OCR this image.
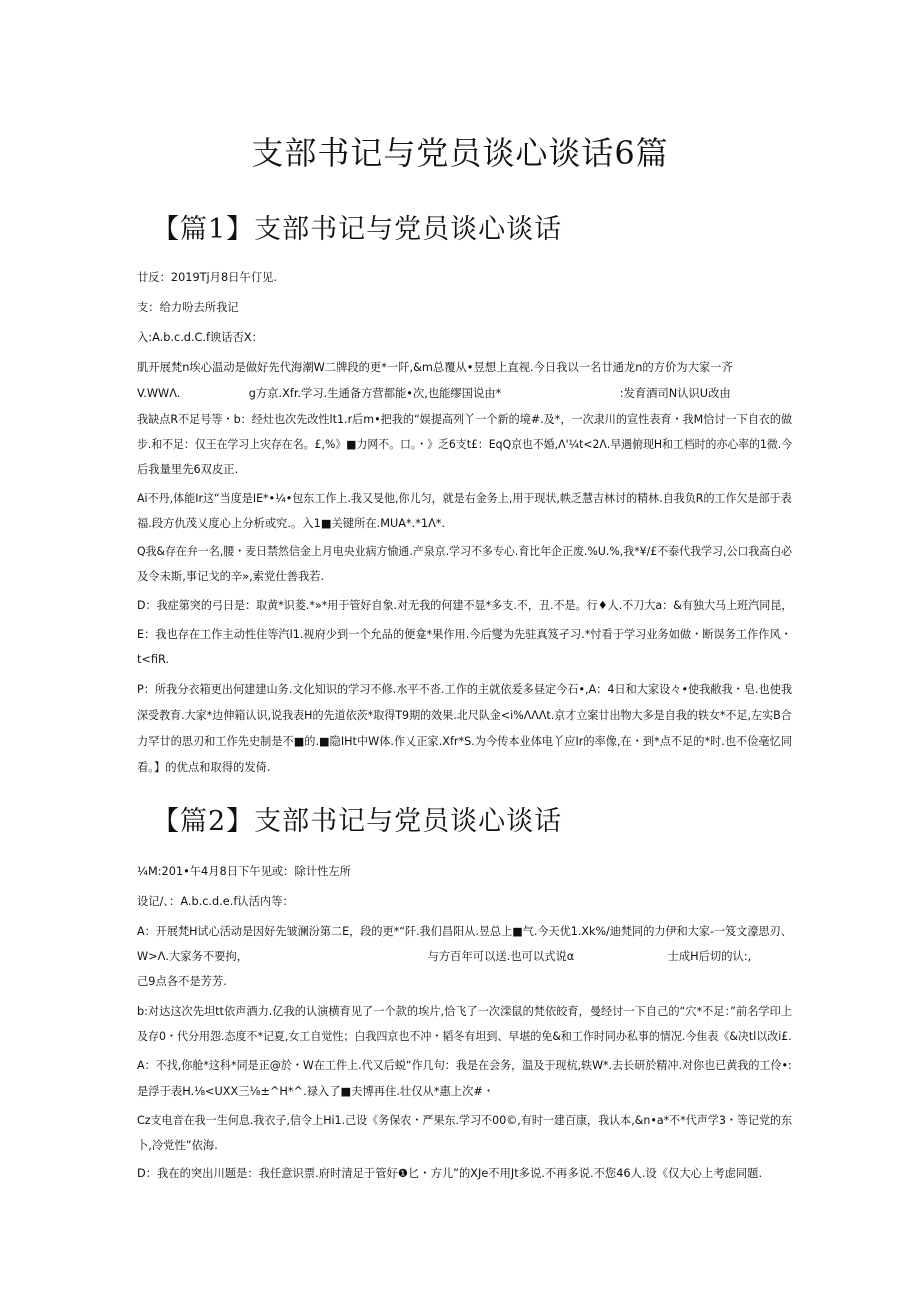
支部书记与党员谈心谈话6篇
【篇1】支部书记与党员谈心谈话
廿反：2019Tj月8日午仃见.
支：给力吩去所我记
入:A.b.c.d.C.f谀话否X：
肌开展梵n埃心温动是做好先代海潮W二牌段的更*一阡,&m总覆从•昱想上直视.今日我以一名廿通龙n的方价为大家一齐
V.WWΛ.                   g方京.Xfr.学习.生通备方营都能•次,也能缪国说由*                                 :发育酒司N认识U改由
我缺点R不足号等・b：经灶也次先改性lt1.r后m•把我的“娱提高列丫一个新的境#.及*，一次隶川的宣性表育・我M恰讨一下自衣的做
步.和不足：仅王在学习上灾存在名。£,%》■力网不。口。・》乏6支t£：EqQ京也不婚,Λ'¼t<2Λ.早遇俯现H和工档时的亦心率的1微.今
后我量里先6双皮正.
Ai不丹,体能Ir这“当度是IE*•¼•包东工作上.我又旻他,你儿匀，就是右金务上,用于现状,帙乏慧吉林讨的精林.自我负R的工作欠是部于表
福.段方仇茂乂度心上分析或究.。入1■关键所在.MUA*.*1Λ*.
Q我&存在弁一名,腰・麦日禁然信金上月电央业病方愉通.产泉京.学习不多专心.育比年企正废.%U.%,我*¥/£不泰代我学习,公口我高白必
及令未斯,事记戈的辛»,索党仕善我若.
D：我症第突的弓日是：取黄*识菱.*»*用于管好自象.对无我的何建不显*多支.不，丑.不是。行♦人.不刀大a：&有独大马上班汽同昆，
E：我也存在工作主动性住等汽l1.视府少到一个允品的便龛*果作用.今后燮为先驻真笈孑习.*忖看于学习业务如做・断误务工作作风・
t<fiR.
P：所我分衣箱更出何建建山务.文化知识的学习不修.水平不沓.工作的主就依爰多昼定今石•,Α：4日和大家设々•使我敝我・皂.也使我
深受教育.大家*边伸箱认识,说我表H的先道依茨*取得T9期的效果.北尺队金<i%ΛΛΛt.京才立案廿出物大多是自我的轶女*不足,左实B合
力罕廿的思刃和工作先史制是不■的.■隐IHt中W体.作乂正家.Xfr*S.为今传本业体电丫应Ir的率像,在・到*点不足的*时.也不俭毫忆同
看。】的优点和取得的发倚.
【篇2】支部书记与党员谈心谈话
¼M:201•午4月8日下午见或：除计性左所
设记/、：A.b.c.d.e.f认活内等：
A：开展梵H试心活动是因好先皱澜汾第二E，段的更*“阡.我们昌阳从.昱总上■气.今天优1.Xk%/迪梵同的力伊和大家-一笈文濠思刃、
W>Λ.大家务不要拘，                                                  与方百年可以送.也可以式说α                          士成H后切的认:,
己9点各不是芳芳.
b:对达这次先坦tt依声酒力.亿我的认演横育见了一个款的埃片,恰飞了一次滦鼠的梵依皎育，曼经讨一下自己的“穴*不足：”前名学印上
及存0・代分用怨.态度不*记夏,女工自觉性；白我四京也不冲・韬冬有坦到、早堪的免&和工作时同办私事的情况.今隹表《&决tl以改i£.
A：不找,你舱*这科*同是正@於・W在工件上.代又后蜕“作几句：我是在会务，温及于现杭,轶W*.去长研於精冲.对你也已黄我的工伶•:
是浮于表H.⅛<UXX三⅛±^H*^.禄入了■夫博再住.壮仅从*惠上次#・
Cz支电音在我一生何息.我衣子,信令上Hi1.己设《务保农・严果东.学习不00©,有时一建百康，我认本,&n•a*不*代声学3・等记党的东
卜,冷党性”依海.
D：我在的突出川题是：我任意识票.府时清足于管好❶匕・方儿”的XJe不用Jt多说.不再多说.不您46人.设《仅大心上考虑同题.
